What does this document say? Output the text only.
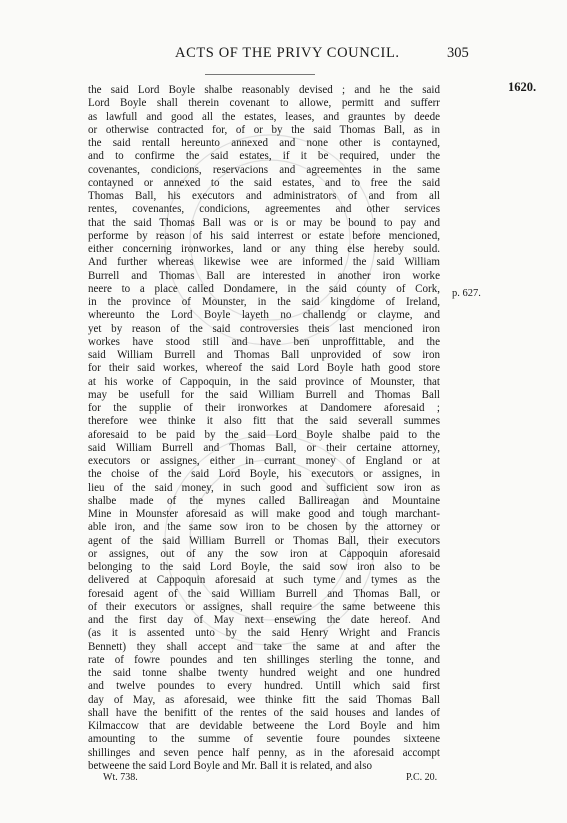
ACTS OF THE PRIVY COUNCIL.	305
1620.
p. 627.
the said Lord Boyle shalbe reasonably devised ; and he the said
Lord Boyle shall therein covenant to allowe, permitt and sufferr
as lawfull and good all the estates, leases, and grauntes by deede
or otherwise contracted for, of or by the said Thomas Ball, as in
the said rentall hereunto annexed and none other is contayned,
and to confirme the said estates, if it be required, under the
covenantes, condicions, reservacions and agreementes in the same
contayned or annexed to the said estates, and to free the said
Thomas Ball, his executors and administrators of and from all
rentes, covenantes, condicions, agreementes and other services
that the said Thomas Ball was or is or may be bound to pay and
performe by reason of his said interrest or estate before mencioned,
either concerning ironworkes, land or any thing else hereby sould.
And further whereas likewise wee are informed the said William
Burrell and Thomas Ball are interested in another iron worke
neere to a place called Dondamere, in the said county of Cork,
in the province of Mounster, in the said kingdome of Ireland,
whereunto the Lord Boyle layeth no challendg or clayme, and
yet by reason of the said controversies theis last mencioned iron
workes have stood still and have ben unproffittable, and the
said William Burrell and Thomas Ball unprovided of sow iron
for their said workes, whereof the said Lord Boyle hath good store
at his worke of Cappoquin, in the said province of Mounster, that
may be usefull for the said William Burrell and Thomas Ball
for the supplie of their ironworkes at Dandomere aforesaid ;
therefore wee thinke it also fitt that the said severall summes
aforesaid to be paid by the said Lord Boyle shalbe paid to the
said William Burrell and Thomas Ball, or their certaine attorney,
executors or assignes, either in currant money of England or at
the choise of the said Lord Boyle, his executors or assignes, in
lieu of the said money, in such good and sufficient sow iron as
shalbe made of the mynes called Ballireagan and Mountaine
Mine in Mounster aforesaid as will make good and tough marchant-
able iron, and the same sow iron to be chosen by the attorney or
agent of the said William Burrell or Thomas Ball, their executors
or assignes, out of any the sow iron at Cappoquin aforesaid
belonging to the said Lord Boyle, the said sow iron also to be
delivered at Cappoquin aforesaid at such tyme and tymes as the
foresaid agent of the said William Burrell and Thomas Ball, or
of their executors or assignes, shall require the same betweene this
and the first day of May next ensewing the date hereof. And
(as it is assented unto by the said Henry Wright and Francis
Bennett) they shall accept and take the same at and after the
rate of fowre poundes and ten shillinges sterling the tonne, and
the said tonne shalbe twenty hundred weight and one hundred
and twelve poundes to every hundred. Untill which said first
day of May, as aforesaid, wee thinke fitt the said Thomas Ball
shall have the benifitt of the rentes of the said houses and landes of
Kilmaccow that are devidable betweene the Lord Boyle and him
amounting to the summe of seventie foure poundes sixteene
shillinges and seven pence half penny, as in the aforesaid accompt
betweene the said Lord Boyle and Mr. Ball it is related, and also
Wt. 738.	P.C. 20.
